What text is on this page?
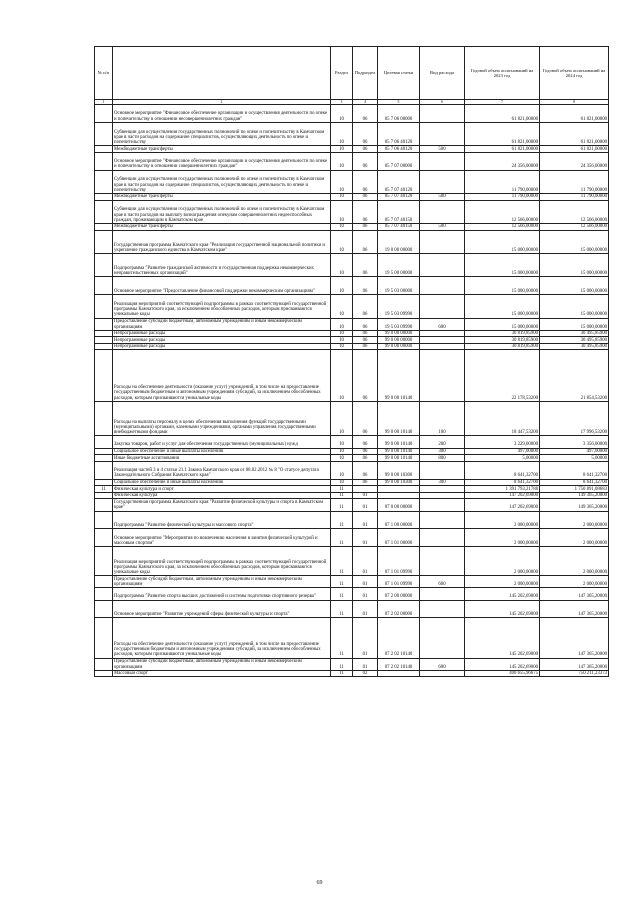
№ п/п		Раздел	Подраздел	Целевая статья	Вид расхода	Годовой объем ассигнований на 2023 год	Годовой объем ассигнований на 2024 год
1	2	3	4	5	6	7	8
	Основное мероприятие "Финансовое обеспечение организации и осуществления деятельности по опеке и попечительству в отношении несовершеннолетних граждан"	10	06	05 7 06 00000		61 821,00000	61 821,00000
	Субвенции для осуществления государственных полномочий по опеке и попечительству в Камчатском крае в части расходов на содержание специалистов, осуществляющих деятельность по опеке и попечительству	10	06	05 7 06 40120		61 821,00000	61 821,00000
	Межбюджетные трансферты	10	06	05 7 06 40120	500	61 821,00000	61 821,00000
	Основное мероприятие "Финансовое обеспечение организации и осуществления деятельности по опеке и попечительству в отношении совершеннолетних граждан"	10	06	05 7 07 00000		24 356,00000	24 356,00000
	Субвенции для осуществления государственных полномочий по опеке и попечительству в Камчатском крае в части расходов на содержание специалистов, осуществляющих деятельность по опеке и попечительству	10	06	05 7 07 40120		11 790,00000	11 790,00000
	Межбюджетные трансферты	10	06	05 7 07 40120	500	11 790,00000	11 790,00000
	Субвенции для осуществления государственных полномочий по опеке и попечительству в Камчатском крае в части расходов на выплату вознаграждения опекунам совершеннолетних недееспособных граждан, проживающим в Камчатском крае	10	06	05 7 07 40150		12 566,00000	12 566,00000
	Межбюджетные трансферты	10	06	05 7 07 40150	500	12 566,00000	12 566,00000
	Государственная программа Камчатского края "Реализация государственной национальной политики и укрепление гражданского единства в Камчатском крае"	10	06	19 0 00 00000		15 000,00000	15 000,00000
	Подпрограмма "Развитие гражданской активности и государственная поддержка некоммерческих неправительственных организаций"	10	06	19 5 00 00000		15 000,00000	15 000,00000
	Основное мероприятие "Предоставление финансовой поддержки некоммерческим организациям"	10	06	19 5 03 00000		15 000,00000	15 000,00000
	Реализация мероприятий соответствующей подпрограммы в рамках соответствующей государственной программы Камчатского края, за исключением обособленных расходов, которым присваиваются уникальные коды	10	06	19 5 03 09990		15 000,00000	15 000,00000
	Предоставление субсидий бюджетным, автономным учреждениям и иным некоммерческим организациям	10	06	19 5 03 09990	600	15 000,00000	15 000,00000
	Непрограммные расходы	10	06	99 0 00 00000		30 819,85900	30 495,85900
	Непрограммные расходы	10	06	99 0 00 00000		30 819,85900	30 495,85900
	Непрограммные расходы	10	06	99 0 00 00000		30 819,85900	30 495,85900
	Расходы на обеспечение деятельности (оказание услуг) учреждений, в том числе на предоставление государственным бюджетным и автономным учреждениям субсидий, за исключением обособленных расходов, которым присваиваются уникальные коды	10	06	99 0 00 10140		22 178,53200	21 854,53200
	Расходы на выплаты персоналу в целях обеспечения выполнения функций государственными (муниципальными) органами, казенными учреждениями, органами управления государственными внебюджетными фондами	10	06	99 0 00 10140	100	18 447,53200	17 996,53200
	Закупка товаров, работ и услуг для обеспечения государственных (муниципальных) нужд	10	06	99 0 00 10140	200	3 229,00000	3 356,00000
	Социальное обеспечение и иные выплаты населению	10	06	99 0 00 10140	300	497,00000	497,00000
	Иные бюджетные ассигнования	10	06	99 0 00 10140	800	5,00000	5,00000
	Реализация частей 3 и 4 статьи 21.1 Закона Камчатского края от 08.02.2012 № 8 "О статусе депутата Законодательного Собрания Камчатского края"	10	06	99 0 00 10300		8 641,32700	8 641,32700
	Социальное обеспечение и иные выплаты населению	10	06	99 0 00 10300	300	8 641,32700	8 641,32700
11	Физическая культура и спорт	11				1 391 793,21788	1 750 891,08683
	Физическая культура	11	01			147 202,69000	149 365,20000
	Государственная программа Камчатского края "Развитие физической культуры и спорта в Камчатском крае"	11	01	07 0 00 00000		147 202,69000	149 365,20000
	Подпрограмма "Развитие физической культуры и массового спорта"	11	01	07 1 00 00000		2 000,00000	2 000,00000
	Основное мероприятие "Мероприятия по вовлечению населения в занятия физической культурой и массовым спортом"	11	01	07 1 01 00000		2 000,00000	2 000,00000
	Реализация мероприятий соответствующей подпрограммы в рамках соответствующей государственной программы Камчатского края, за исключением обособленных расходов, которым присваиваются уникальные коды	11	01	07 1 01 09990		2 000,00000	2 000,00000
	Предоставление субсидий бюджетным, автономным учреждениям и иным некоммерческим организациям	11	01	07 1 01 09990	600	2 000,00000	2 000,00000
	Подпрограмма "Развитие спорта высших достижений и системы подготовки спортивного резерва"	11	01	07 2 00 00000		145 202,69000	147 365,20000
	Основное мероприятие "Развитие учреждений сферы физической культуры и спорта"	11	01	07 2 02 00000		145 202,69000	147 365,20000
	Расходы на обеспечение деятельности (оказание услуг) учреждений, в том числе на предоставление государственным бюджетным и автономным учреждениям субсидий, за исключением обособленных расходов, которым присваиваются уникальные коды	11	01	07 2 02 10140		145 202,69000	147 365,20000
	Предоставление субсидий бюджетным, автономным учреждениям и иным некоммерческим организациям	11	01	07 2 02 10140	600	145 202,69000	147 365,20000
	Массовый спорт	11	02			400 655,96675	750 211,23373
69
